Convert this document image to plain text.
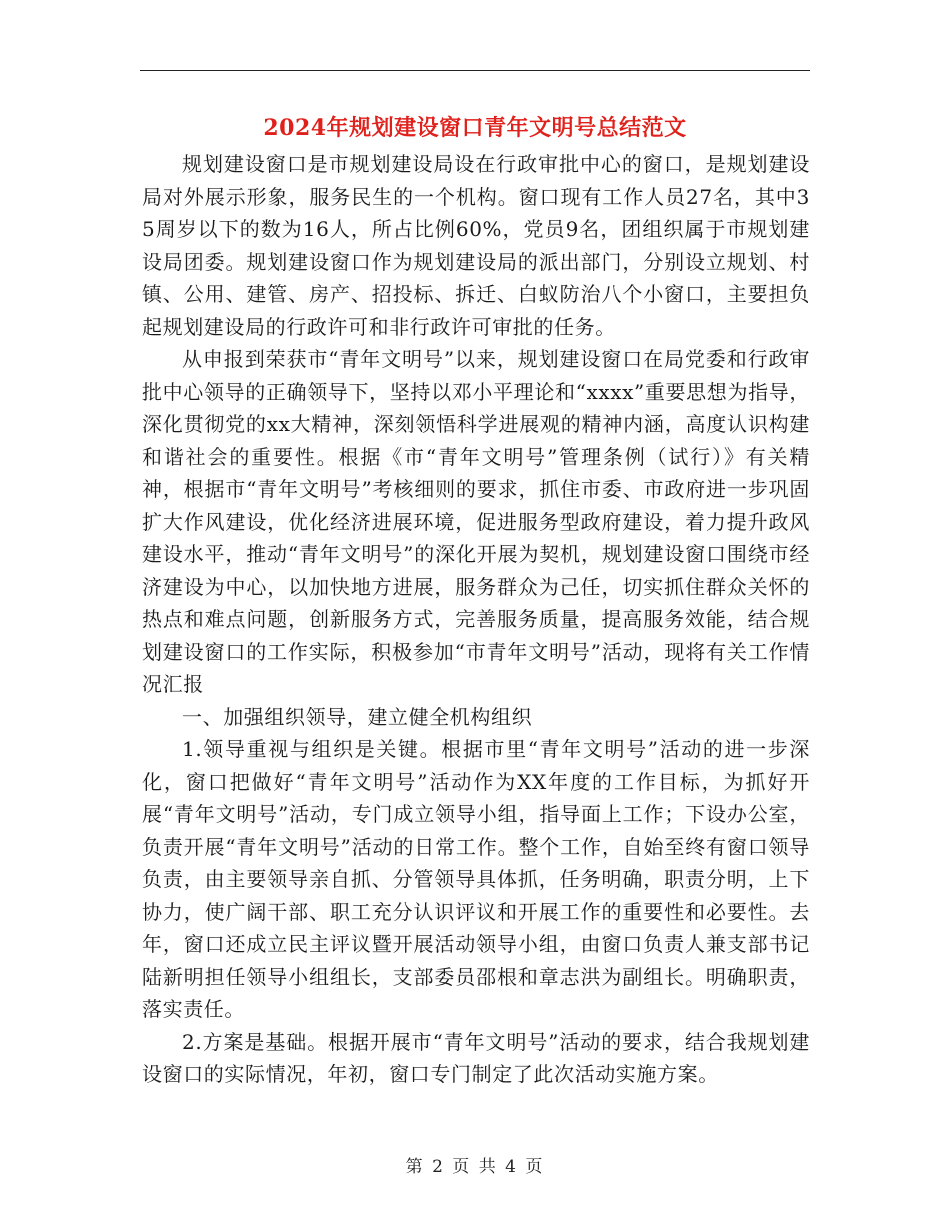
2024年规划建设窗口青年文明号总结范文

规划建设窗口是市规划建设局设在行政审批中心的窗口，是规划建设局对外展示形象，服务民生的一个机构。窗口现有工作人员27名，其中35周岁以下的数为16人，所占比例60%，党员9名，团组织属于市规划建设局团委。规划建设窗口作为规划建设局的派出部门，分别设立规划、村镇、公用、建管、房产、招投标、拆迁、白蚁防治八个小窗口，主要担负起规划建设局的行政许可和非行政许可审批的任务。

从申报到荣获市“青年文明号”以来，规划建设窗口在局党委和行政审批中心领导的正确领导下，坚持以邓小平理论和“xxxx”重要思想为指导，深化贯彻党的xx大精神，深刻领悟科学进展观的精神内涵，高度认识构建和谐社会的重要性。根据《市“青年文明号”管理条例（试行）》有关精神，根据市“青年文明号”考核细则的要求，抓住市委、市政府进一步巩固扩大作风建设，优化经济进展环境，促进服务型政府建设，着力提升政风建设水平，推动“青年文明号”的深化开展为契机，规划建设窗口围绕市经济建设为中心，以加快地方进展，服务群众为己任，切实抓住群众关怀的热点和难点问题，创新服务方式，完善服务质量，提高服务效能，结合规划建设窗口的工作实际，积极参加“市青年文明号”活动，现将有关工作情况汇报

一、加强组织领导，建立健全机构组织

1.领导重视与组织是关键。根据市里“青年文明号”活动的进一步深化，窗口把做好“青年文明号”活动作为XX年度的工作目标，为抓好开展“青年文明号”活动，专门成立领导小组，指导面上工作；下设办公室，负责开展“青年文明号”活动的日常工作。整个工作，自始至终有窗口领导负责，由主要领导亲自抓、分管领导具体抓，任务明确，职责分明，上下协力，使广阔干部、职工充分认识评议和开展工作的重要性和必要性。去年，窗口还成立民主评议暨开展活动领导小组，由窗口负责人兼支部书记陆新明担任领导小组组长，支部委员邵根和章志洪为副组长。明确职责，落实责任。

2.方案是基础。根据开展市“青年文明号”活动的要求，结合我规划建设窗口的实际情况，年初，窗口专门制定了此次活动实施方案。

第 2 页 共 4 页
